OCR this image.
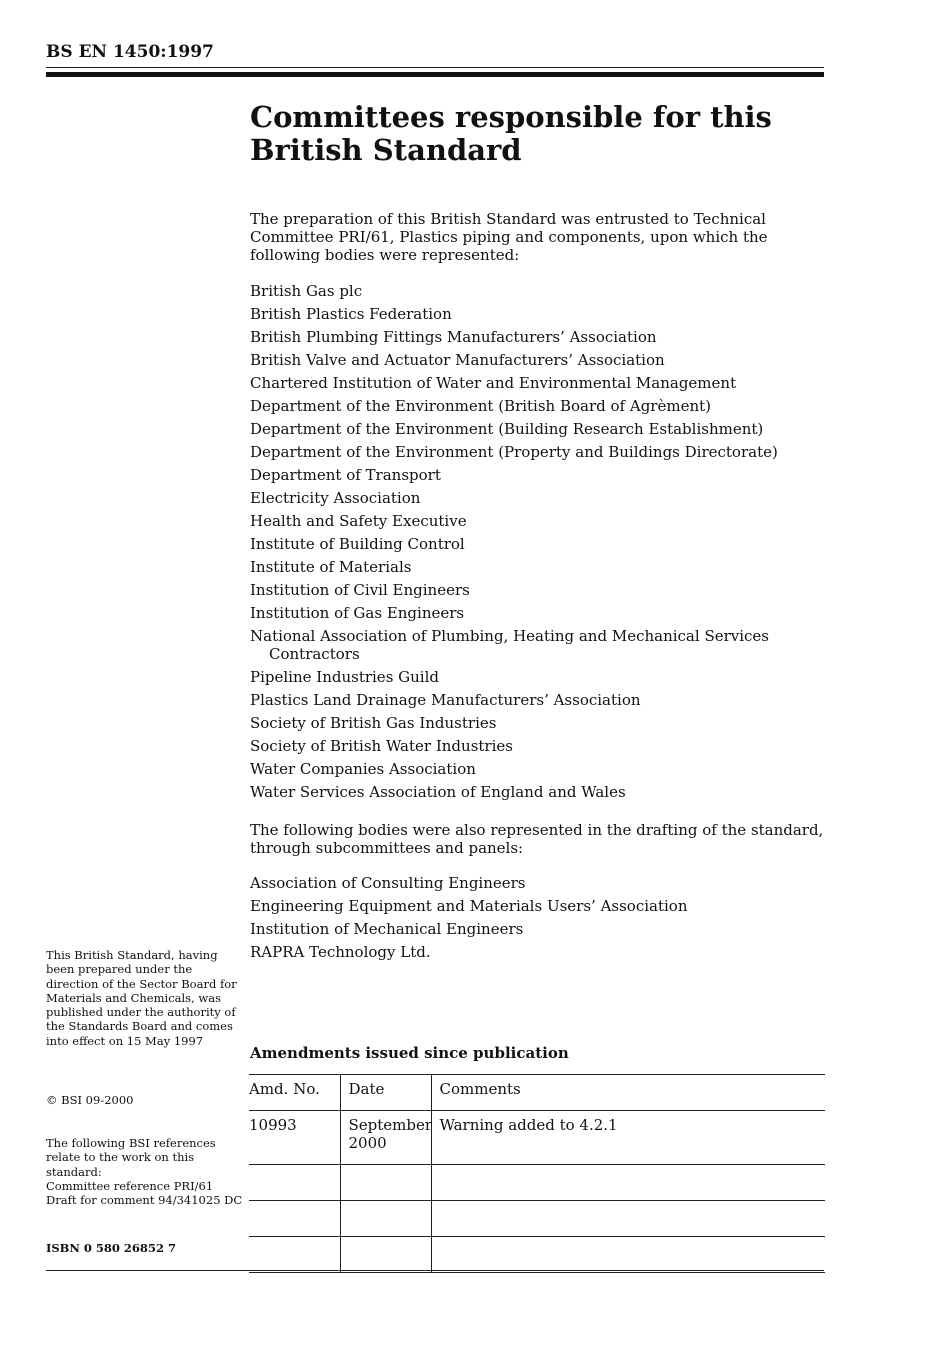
BS EN 1450:1997
Committees responsible for this
British Standard
The preparation of this British Standard was entrusted to Technical Committee PRI/61, Plastics piping and components, upon which the following bodies were represented:
British Gas plc
British Plastics Federation
British Plumbing Fittings Manufacturers’ Association
British Valve and Actuator Manufacturers’ Association
Chartered Institution of Water and Environmental Management
Department of the Environment (British Board of Agrèment)
Department of the Environment (Building Research Establishment)
Department of the Environment (Property and Buildings Directorate)
Department of Transport
Electricity Association
Health and Safety Executive
Institute of Building Control
Institute of Materials
Institution of Civil Engineers
Institution of Gas Engineers
National Association of Plumbing, Heating and Mechanical Services Contractors
Pipeline Industries Guild
Plastics Land Drainage Manufacturers’ Association
Society of British Gas Industries
Society of British Water Industries
Water Companies Association
Water Services Association of England and Wales
The following bodies were also represented in the drafting of the standard, through subcommittees and panels:
Association of Consulting Engineers
Engineering Equipment and Materials Users’ Association
Institution of Mechanical Engineers
RAPRA Technology Ltd.
Amendments issued since publication
Amd. No.	Date	Comments
10993	September 2000	Warning added to 4.2.1

This British Standard, having been prepared under the direction of the Sector Board for Materials and Chemicals, was published under the authority of the Standards Board and comes into effect on 15 May 1997
© BSI 09-2000
The following BSI references relate to the work on this standard:
Committee reference PRI/61
Draft for comment 94/341025 DC
ISBN 0 580 26852 7
